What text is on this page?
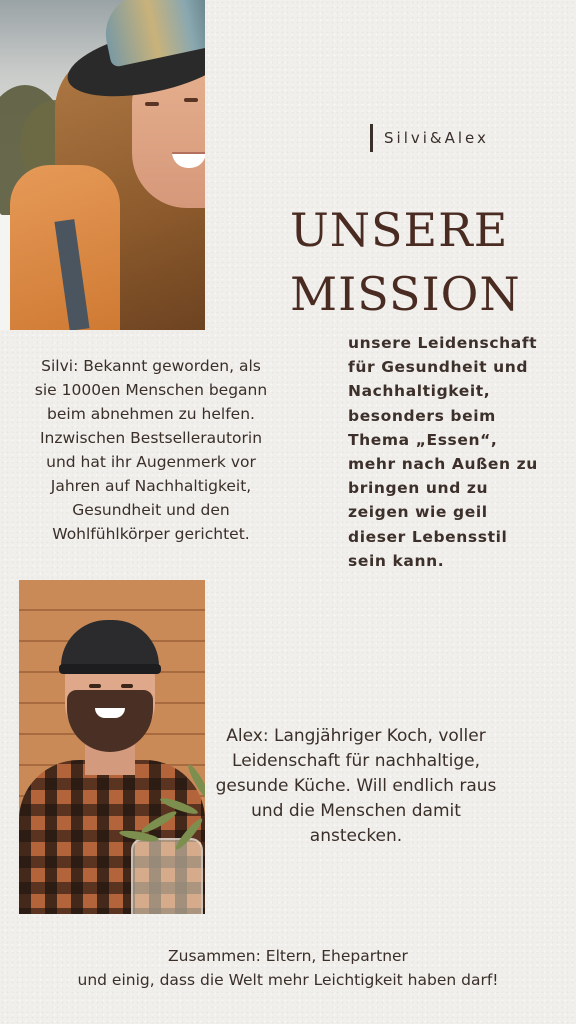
Silvi&Alex
UNSERE MISSION
Silvi: Bekannt geworden, als sie 1000en Menschen begann beim abnehmen zu helfen. Inzwischen Bestsellerautorin und hat ihr Augenmerk vor Jahren auf Nachhaltigkeit, Gesundheit und den Wohlfühlkörper gerichtet.
unsere Leidenschaft für Gesundheit und Nachhaltigkeit, besonders beim Thema „Essen“, mehr nach Außen zu bringen und zu zeigen wie geil dieser Lebensstil sein kann.
Alex: Langjähriger Koch, voller Leidenschaft für nachhaltige, gesunde Küche. Will endlich raus und die Menschen damit anstecken.
Zusammen: Eltern, Ehepartner
und einig, dass die Welt mehr Leichtigkeit haben darf!
